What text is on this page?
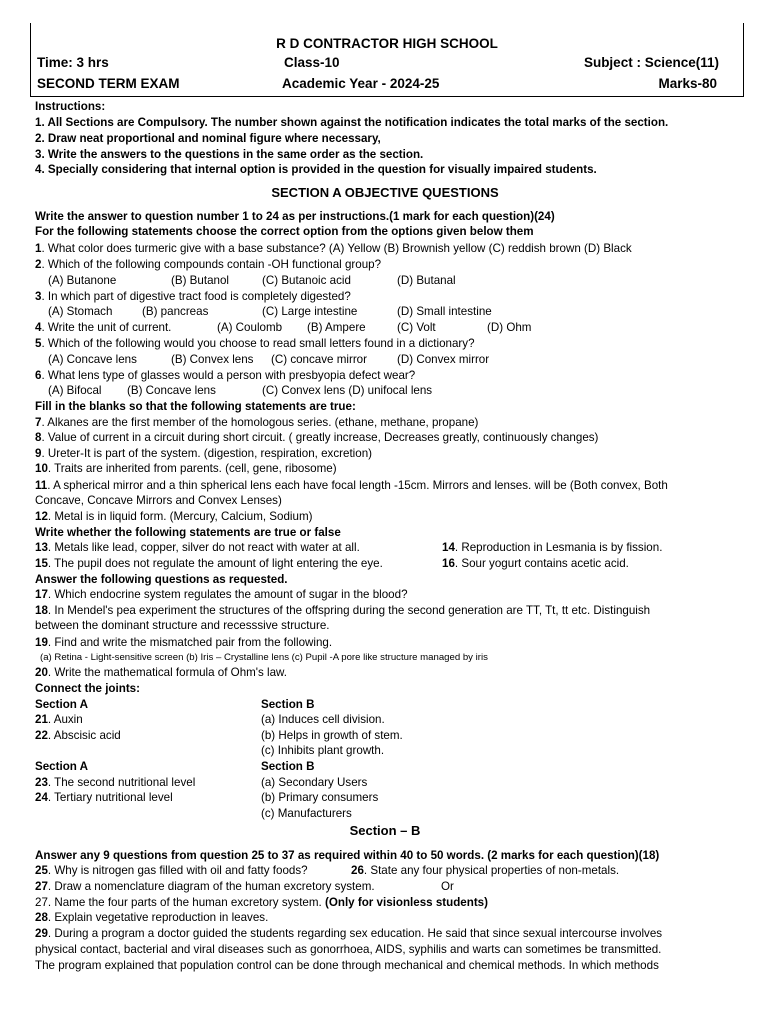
R D CONTRACTOR HIGH SCHOOL
Time: 3 hrs	Class-10	Subject : Science(11)
SECOND TERM EXAM	Academic Year - 2024-25	Marks-80
Instructions:
1. All Sections are Compulsory. The number shown against the notification indicates the total marks of the section.
2. Draw neat proportional and nominal figure where necessary,
3. Write the answers to the questions in the same order as the section.
4. Specially considering that internal option is provided in the question for visually impaired students.
SECTION A OBJECTIVE QUESTIONS
Write the answer to question number 1 to 24 as per instructions.(1 mark for each question)(24)
For the following statements choose the correct option from the options given below them
1. What color does turmeric give with a base substance? (A) Yellow (B) Brownish yellow (C) reddish brown (D) Black
2. Which of the following compounds contain -OH functional group?
(A) Butanone	(B) Butanol	(C) Butanoic acid	(D) Butanal
3. In which part of digestive tract food is completely digested?
(A) Stomach	(B) pancreas	(C) Large intestine	(D) Small intestine
4. Write the unit of current.	(A) Coulomb (B) Ampere	(C) Volt	(D) Ohm
5. Which of the following would you choose to read small letters found in a dictionary?
(A) Concave lens	(B) Convex lens (C) concave mirror	(D) Convex mirror
6. What lens type of glasses would a person with presbyopia defect wear?
(A) Bifocal (B) Concave lens	(C) Convex lens (D) unifocal lens
Fill in the blanks so that the following statements are true:
7. Alkanes are the first member of the homologous series. (ethane, methane, propane)
8. Value of current in a circuit during short circuit. ( greatly increase, Decreases greatly, continuously changes)
9. Ureter-It is part of the system. (digestion, respiration, excretion)
10. Traits are inherited from parents. (cell, gene, ribosome)
11. A spherical mirror and a thin spherical lens each have focal length -15cm. Mirrors and lenses. will be (Both convex, Both
Concave, Concave Mirrors and Convex Lenses)
12. Metal is in liquid form. (Mercury, Calcium, Sodium)
Write whether the following statements are true or false
13. Metals like lead, copper, silver do not react with water at all.	14. Reproduction in Lesmania is by fission.
15. The pupil does not regulate the amount of light entering the eye.	16. Sour yogurt contains acetic acid.
Answer the following questions as requested.
17. Which endocrine system regulates the amount of sugar in the blood?
18. In Mendel's pea experiment the structures of the offspring during the second generation are TT, Tt, tt etc. Distinguish
between the dominant structure and recesssive structure.
19. Find and write the mismatched pair from the following.
(a) Retina - Light-sensitive screen (b) Iris – Crystalline lens (c) Pupil -A pore like structure managed by iris
20. Write the mathematical formula of Ohm's law.
Connect the joints:
Section A	Section B
21. Auxin	(a) Induces cell division.
22. Abscisic acid	(b) Helps in growth of stem.
(c) Inhibits plant growth.
Section A	Section B
23. The second nutritional level	(a) Secondary Users
24. Tertiary nutritional level	(b) Primary consumers
(c) Manufacturers
Section – B
Answer any 9 questions from question 25 to 37 as required within 40 to 50 words. (2 marks for each question)(18)
25. Why is nitrogen gas filled with oil and fatty foods?	26. State any four physical properties of non-metals.
27. Draw a nomenclature diagram of the human excretory system.	Or
27. Name the four parts of the human excretory system. (Only for visionless students)
28. Explain vegetative reproduction in leaves.
29. During a program a doctor guided the students regarding sex education. He said that since sexual intercourse involves
physical contact, bacterial and viral diseases such as gonorrhoea, AIDS, syphilis and warts can sometimes be transmitted.
The program explained that population control can be done through mechanical and chemical methods. In which methods
